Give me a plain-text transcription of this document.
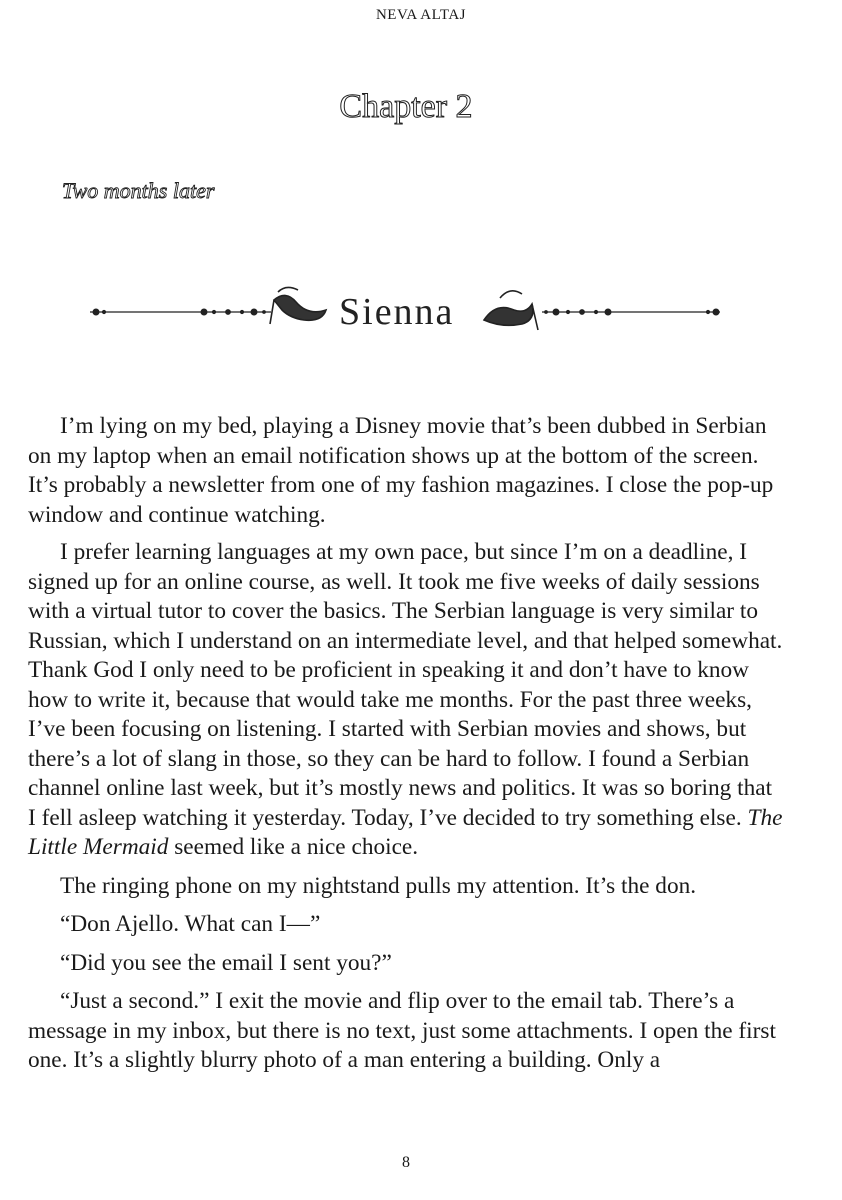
NEVA ALTAJ
Chapter 2

Two months later

Sienna

I’m lying on my bed, playing a Disney movie that’s been dubbed in Serbian on my laptop when an email notification shows up at the bottom of the screen. It’s probably a newsletter from one of my fashion magazines. I close the pop-up window and continue watching.

I prefer learning languages at my own pace, but since I’m on a deadline, I signed up for an online course, as well. It took me five weeks of daily sessions with a virtual tutor to cover the basics. The Serbian language is very similar to Russian, which I understand on an intermediate level, and that helped somewhat. Thank God I only need to be proficient in speaking it and don’t have to know how to write it, because that would take me months. For the past three weeks, I’ve been focusing on listening. I started with Serbian movies and shows, but there’s a lot of slang in those, so they can be hard to follow. I found a Serbian channel online last week, but it’s mostly news and politics. It was so boring that I fell asleep watching it yesterday. Today, I’ve decided to try something else. The Little Mermaid seemed like a nice choice.

The ringing phone on my nightstand pulls my attention. It’s the don.

“Don Ajello. What can I—”

“Did you see the email I sent you?”

“Just a second.” I exit the movie and flip over to the email tab. There’s a message in my inbox, but there is no text, just some attachments. I open the first one. It’s a slightly blurry photo of a man entering a building. Only a

8
